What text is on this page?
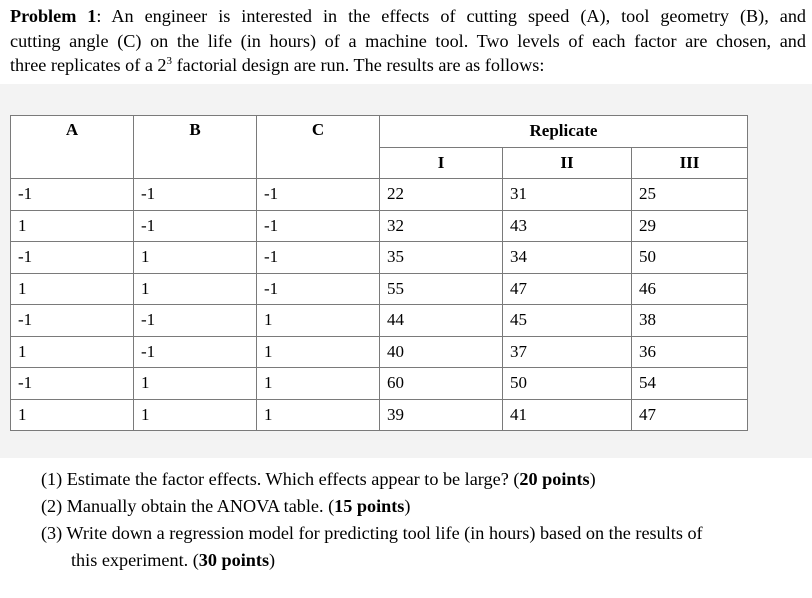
Problem 1: An engineer is interested in the effects of cutting speed (A), tool geometry (B), and
cutting angle (C) on the life (in hours) of a machine tool. Two levels of each factor are chosen, and
three replicates of a $2^3$ factorial design are run. The results are as follows:
A	B	C	Replicate		
			I	II	III
-1	-1	-1	22	31	25
1	-1	-1	32	43	29
-1	1	-1	35	34	50
1	1	-1	55	47	46
-1	-1	1	44	45	38
1	-1	1	40	37	36
-1	1	1	60	50	54
1	1	1	39	41	47
(1) Estimate the factor effects. Which effects appear to be large? (20 points)
(2) Manually obtain the ANOVA table. (15 points)
(3) Write down a regression model for predicting tool life (in hours) based on the results of
this experiment. (30 points)
